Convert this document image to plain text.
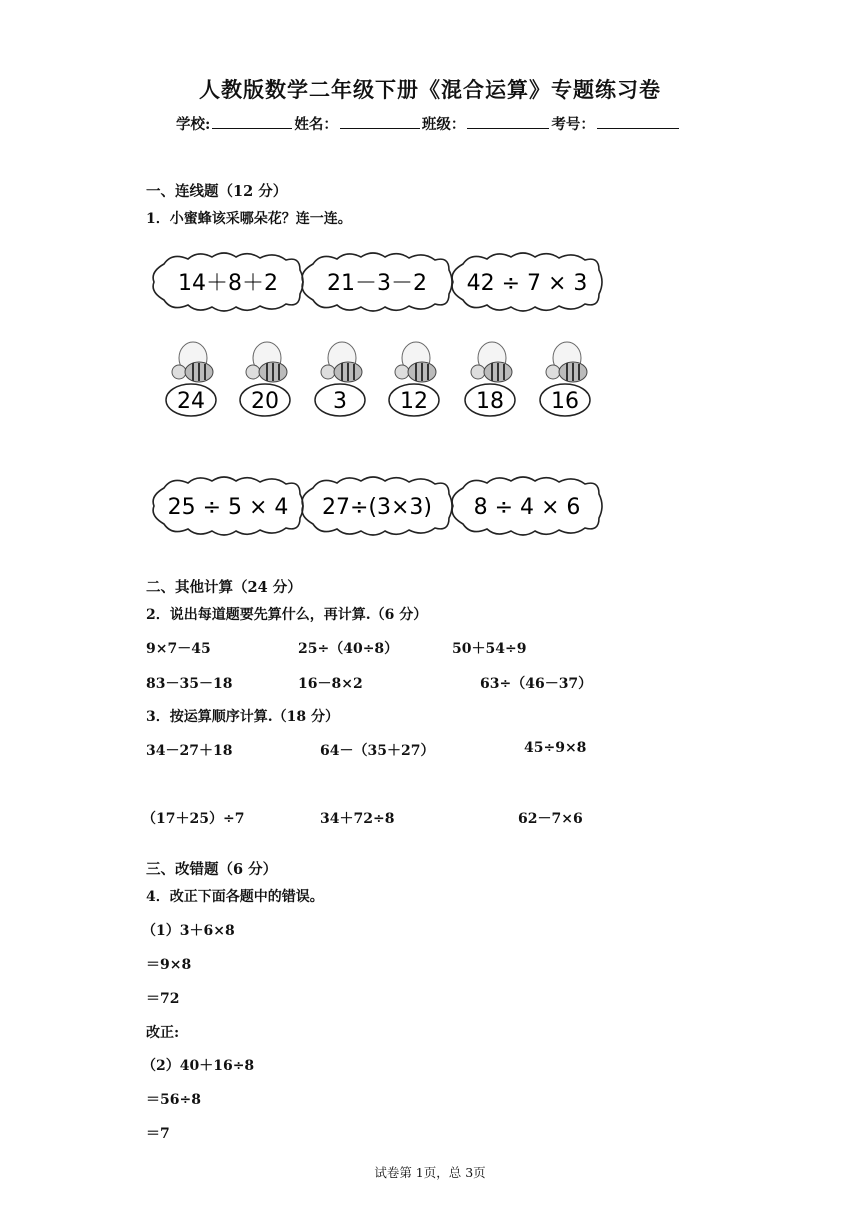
人教版数学二年级下册《混合运算》专题练习卷
学校:	姓名：	班级：	考号：
一、连线题（12 分）
1．小蜜蜂该采哪朵花？连一连。
14＋8＋2 21－3－2 42 ÷ 7 × 3
24 20 3 12 18 16
25 ÷ 5 × 4 27÷(3×3) 8 ÷ 4 × 6
二、其他计算（24 分）
2．说出每道题要先算什么，再计算.（6 分）
9×7－45	25÷（40÷8）	50＋54÷9
83－35－18	16－8×2	63÷（46－37）
3．按运算顺序计算.（18 分）
34－27＋18	64－（35＋27）	45÷9×8
（17＋25）÷7	34＋72÷8	62－7×6
三、改错题（6 分）
4．改正下面各题中的错误。
（1）3＋6×8
＝9×8
＝72
改正:
（2）40＋16÷8
＝56÷8
＝7
试卷第 1页，总 3页
